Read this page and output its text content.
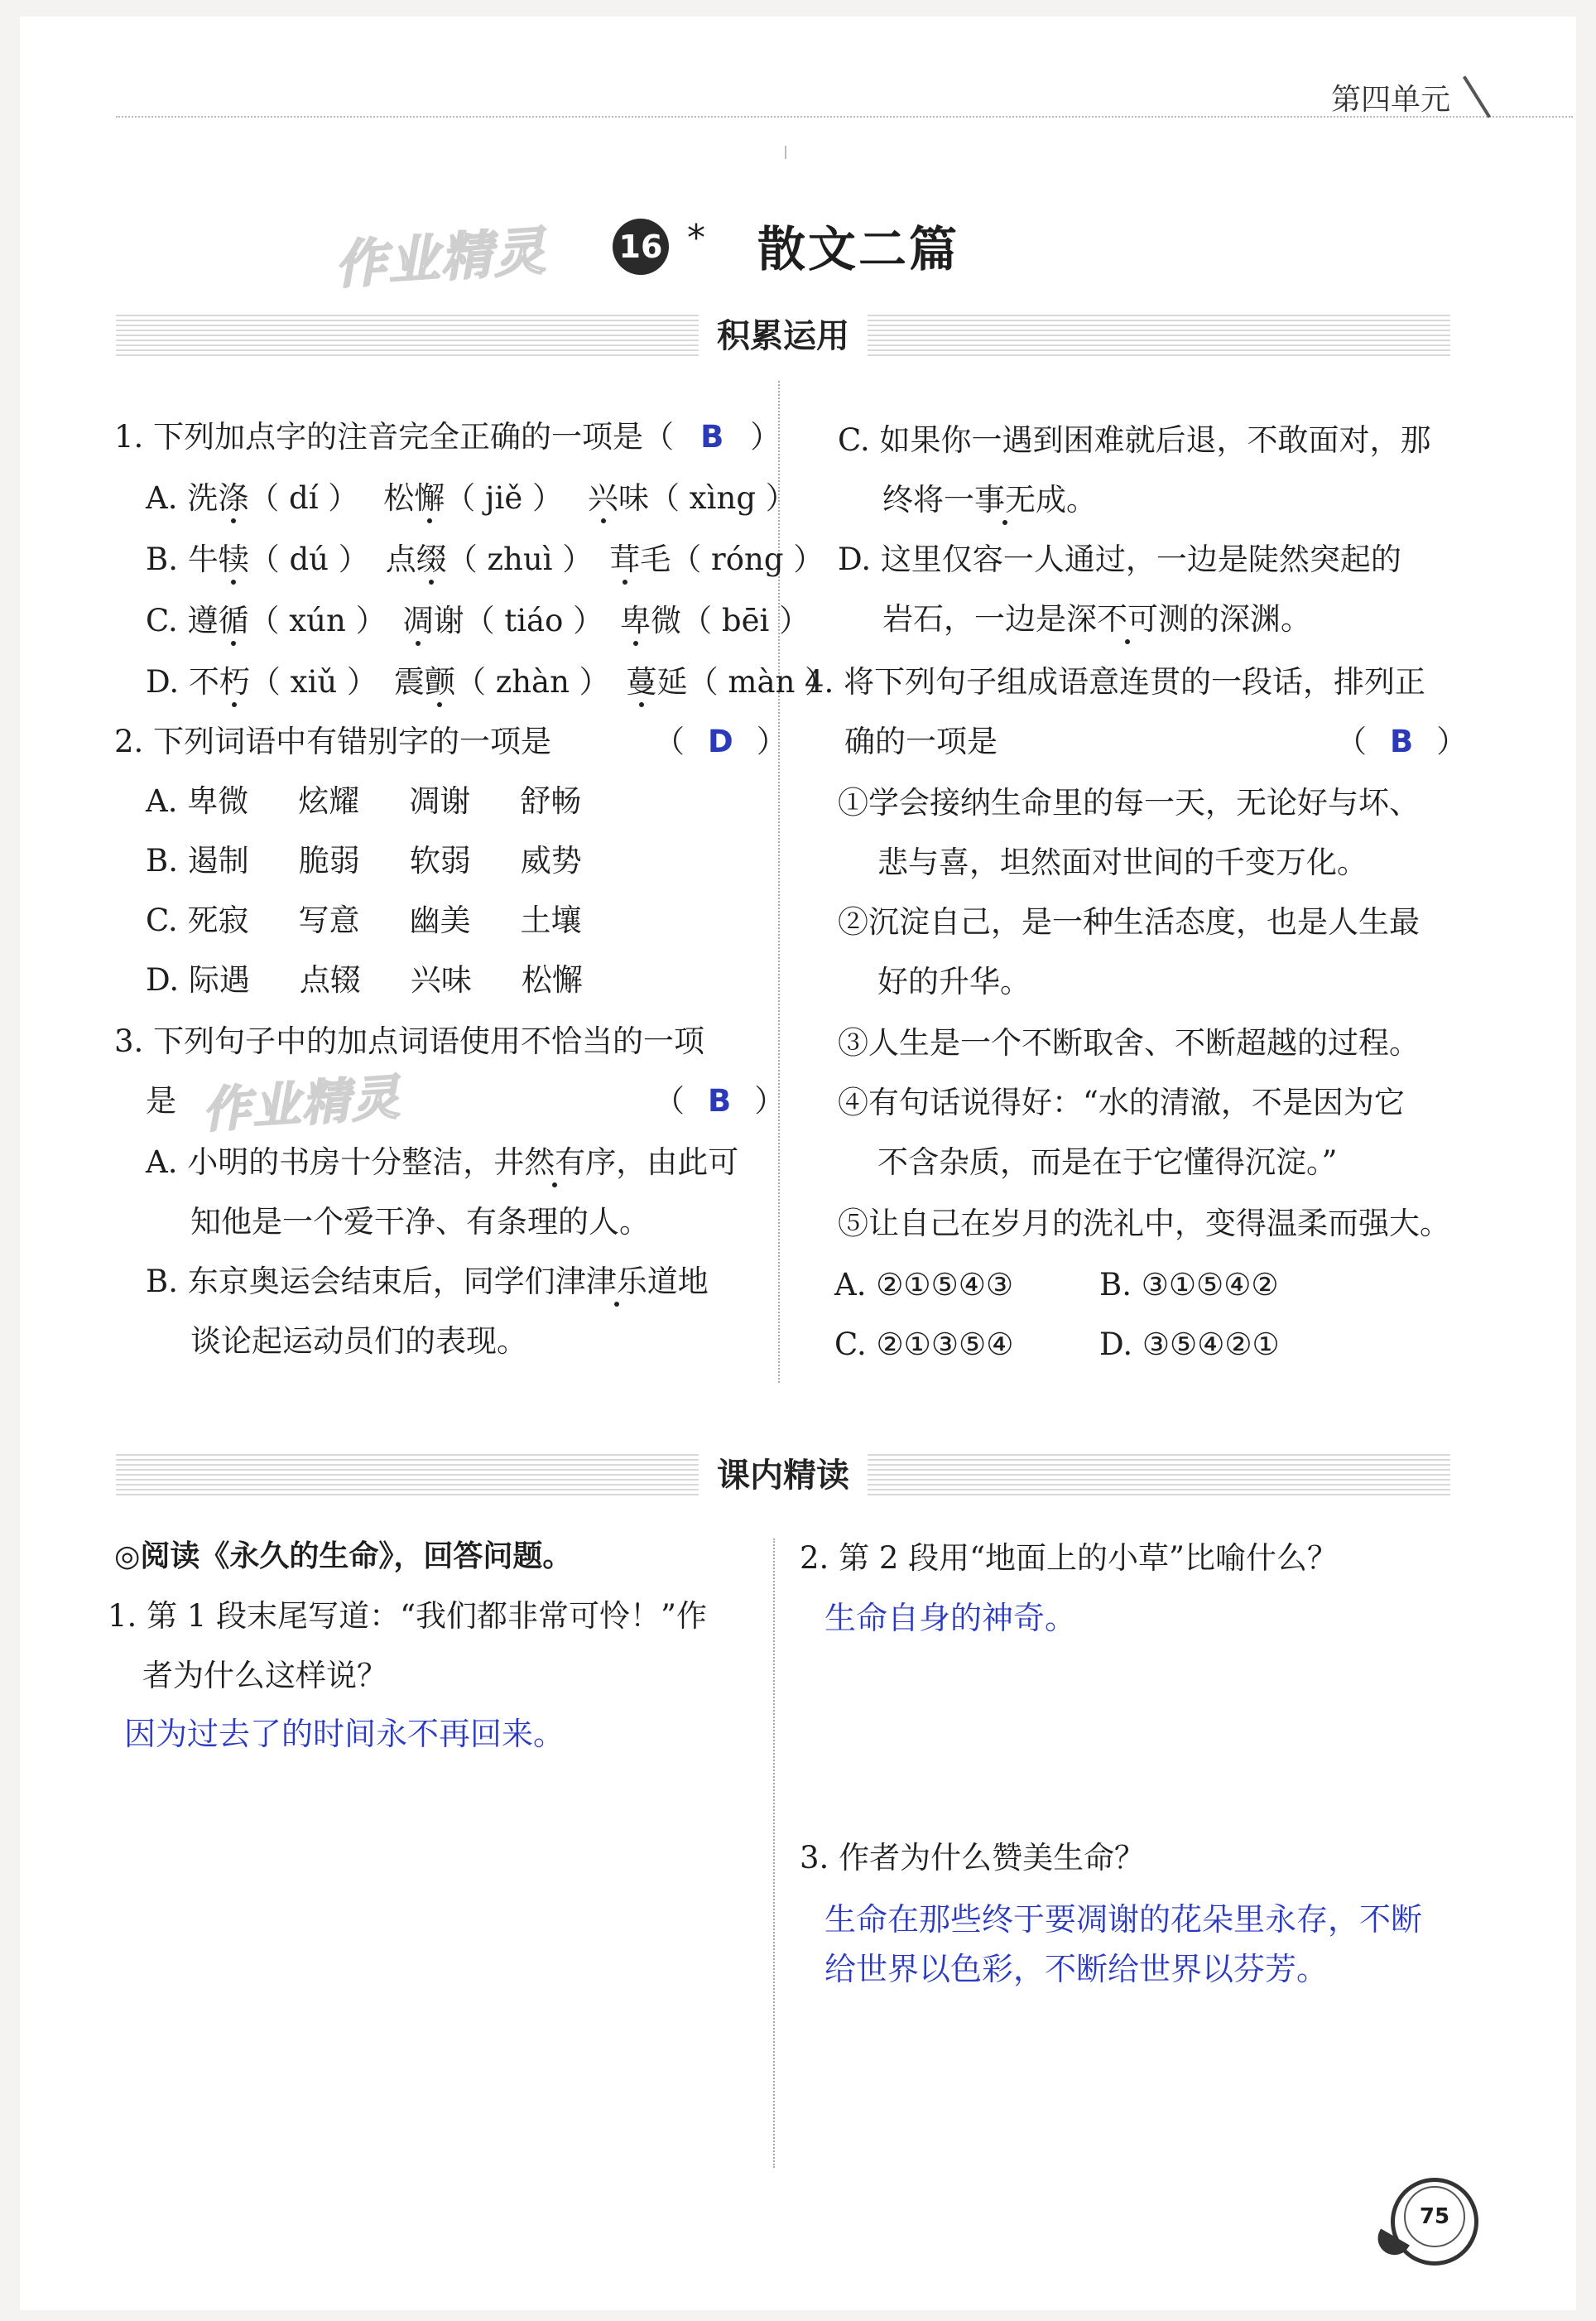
第四单元
作业精灵 16 * 散文二篇
积累运用
1. 下列加点字的注音完全正确的一项是（ B ）
A. 洗涤（ dí ） 松懈（ jiě ） 兴味（ xìng ）
B. 牛犊（ dú ） 点缀（ zhuì ） 茸毛（ róng ）
C. 遵循（ xún ） 凋谢（ tiáo ） 卑微（ bēi ）
D. 不朽（ xiǔ ） 震颤（ zhàn ） 蔓延（ màn ）
2. 下列词语中有错别字的一项是	（ D ）
A. 卑微 炫耀 凋谢 舒畅
B. 遏制 脆弱 软弱 威势
C. 死寂 写意 幽美 土壤
D. 际遇 点辍 兴味 松懈
3. 下列句子中的加点词语使用不恰当的一项
是 作业精灵	（ B ）
A. 小明的书房十分整洁，井然有序，由此可
知他是一个爱干净、有条理的人。
B. 东京奥运会结束后，同学们津津乐道地
谈论起运动员们的表现。
C. 如果你一遇到困难就后退，不敢面对，那
终将一事无成。
D. 这里仅容一人通过，一边是陡然突起的
岩石，一边是深不可测的深渊。
4. 将下列句子组成语意连贯的一段话，排列正
确的一项是	（ B ）
①学会接纳生命里的每一天，无论好与坏、
悲与喜，坦然面对世间的千变万化。
②沉淀自己，是一种生活态度，也是人生最
好的升华。
③人生是一个不断取舍、不断超越的过程。
④有句话说得好：“水的清澈，不是因为它
不含杂质，而是在于它懂得沉淀。”
⑤让自己在岁月的洗礼中，变得温柔而强大。
A. ②①⑤④③	B. ③①⑤④②
C. ②①③⑤④	D. ③⑤④②①
课内精读
◎阅读《永久的生命》，回答问题。
1. 第 1 段末尾写道：“我们都非常可怜！”作
者为什么这样说？
因为过去了的时间永不再回来。
2. 第 2 段用“地面上的小草”比喻什么？
生命自身的神奇。
3. 作者为什么赞美生命？
生命在那些终于要凋谢的花朵里永存，不断
给世界以色彩，不断给世界以芬芳。
75
